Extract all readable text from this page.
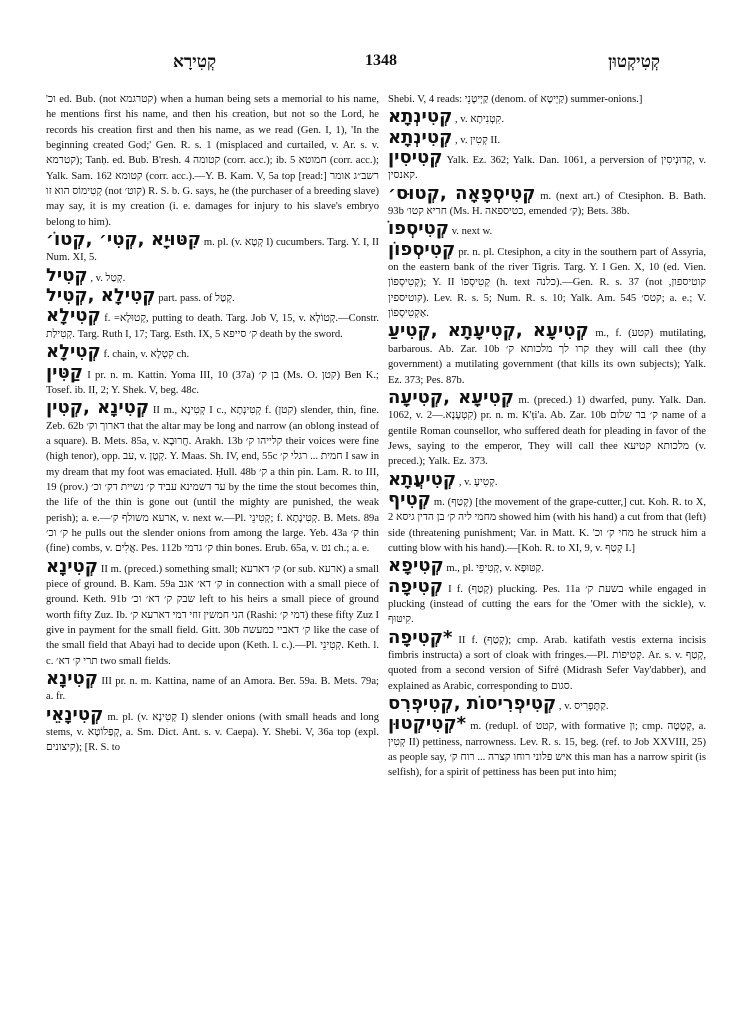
קְטִירָא	1348	קְטִיקְטוּן

'וכ ed. Bub. (not קטרגמא) when a human being sets a memorial to his name, he mentions first his name, and then his creation, but not so the Lord, he records his creation first and then his name, as we read (Gen. I, 1), 'In the beginning created God;' Gen. R. s. 1 (misplaced and curtailed, v. Ar. s. v. קטרמא); Tanḥ. ed. Bub. B'resh. 4 קטומה (corr. acc.); ib. 5 חמוטא (corr. acc.); Yalk. Sam. 162 קטומא (corr. acc.).—Y. B. Kam. V, 5a top [read:] רשב״ג אומר קְטִימוֹס הוא זו (not קוט׳) R. S. b. G. says, he (the purchaser of a breeding slave) may say, it is my creation (i. e. damages for injury to his slave's embryo belong to him).

קִטּוּיָא ,קְטִי׳ ,קְטוֹ׳ m. pl. (v. קְטָא I) cucumbers. Targ. Y. I, II Num. XI, 5.

קְטִיל , v. קְטַל.

קְטִילָא ,קְטִיל part. pass. of קְטַל.

קְטִילָא f. =קְטוּלָא, putting to death. Targ. Job V, 15, v. קְטוֹלָא.—Constr. קְטִילַת. Targ. Ruth I, 17; Targ. Esth. IX, 5 ק׳ סייפא death by the sword.

קְטִילָא f. chain, v. קִטְלָא ch.

קַטִּין I pr. n. m. Kattin. Yoma III, 10 (37a) בן ק׳ (Ms. O. קטן) Ben K.; Tosef. ib. II, 2; Y. Shek. V, beg. 48c.

קְטִינָא ,קְטִין II m., קְטִינָא I c., קְטִינְתָא f. (קטן) slender, thin, fine. Zeb. 62b דארוך וק׳ that the altar may be long and narrow (an oblong instead of a square). B. Mets. 85a, v. חֲרוּבָא. Arakh. 13b קלייהו ק׳ their voices were fine (high tenor), opp. עב, v. קְטָן. Y. Maas. Sh. IV, end, 55c חמית ... רגלי ק׳ I saw in my dream that my foot was emaciated. Ḥull. 48b ק׳ a thin pin. Lam. R. to III, 19 (prov.) עד דשמינא עביד ק׳ נשיית דק׳ וכ׳ by the time the stout becomes thin, the life of the thin is gone out (until the mighty are punished, the weak perish); a. e.—ארעא משולף ק׳, v. next w.—Pl. קְטִינֵי; f. קְטִינָתָא. B. Mets. 89a ק׳ וכ׳ he pulls out the slender onions from among the large. Yeb. 43a ק׳ thin (fine) combs, v. אֲלִים. Pes. 112b ק׳ גרמי thin bones. Erub. 65a, v. נט ch.; a. e.

קְטִינָא II m. (preced.) something small; ק׳ דארעא (or sub. ארעא) a small piece of ground. B. Kam. 59a ק׳ דא׳ אגב in connection with a small piece of ground. Keth. 91b שבק ק׳ דא׳ וכ׳ left to his heirs a small piece of ground worth fifty Zuz. Ib. הני חמשין זוזי דמי דארעא ק׳ (Rashi: דמי ק׳) these fifty Zuz I give in payment for the small field. Gitt. 30b ק׳ דאביי כמעשה like the case of the small field that Abayi had to decide upon (Keth. l. c.).—Pl. קְטִינֵי. Keth. l. c. תרי ק׳ דא׳ two small fields.

קְטִינָא III pr. n. m. Kattina, name of an Amora. Ber. 59a. B. Mets. 79a; a. fr.

קְטִינָאֵי m. pl. (v. קְטִינָא I) slender onions (with small heads and long stems, v. קְפַלוֹטָא, a. Sm. Dict. Ant. s. v. Caepa). Y. Shebi. V, 36a top (expl. קיצונים); [R. S. to

Shebi. V, 4 reads: קַיְיטָנֵי (denom. of קַיְיטָא) summer-onions.]

קְטִינְתָא , v. קִטְנִיתָא.

קְטִינְתָא , v. קְטִין II.

קְטִיסִין Yalk. Ez. 362; Yalk. Dan. 1061, a perversion of קְדוּנְיסִין, v. קאנסין.

קְטִיסְפָאָה ,קְטוּס׳ m. (next art.) of Ctesiphon. B. Bath. 93b חריא קטו׳ (Ms. H. כטיספאה, emended ק׳); Bets. 38b.

קְטִיסְפוֹ v. next w.

קְטִיסְפוֹן pr. n. pl. Ctesiphon, a city in the southern part of Assyria, on the eastern bank of the river Tigris. Targ. Y. I Gen. X, 10 (ed. Vien. קְטִיסְפוֹן); Y. II קְטִיסְפוֹ (h. text כלנה).—Gen. R. s. 37 (not קוטיספון, קוטיספין). Lev. R. s. 5; Num. R. s. 10; Yalk. Am. 545 קטס׳; a. e.; V. אַקְטִיסְפוֹן.

קְטִיעָא ,קְטִיעָתָא ,קְטִיעַ m., f. (קטע) mutilating, barbarous. Ab. Zar. 10b קרו לך מלכותא ק׳ they will call thee (thy government) a mutilating government (that kills its own subjects); Yalk. Ez. 373; Pes. 87b.

קְטִיעָא ,קְטִיעָה m. (preced.) 1) dwarfed, puny. Yalk. Dan. 1062, v. קִטְעָנָא.—2) pr. n. m. K'ṭi'a. Ab. Zar. 10b ק׳ בר שלום name of a gentile Roman counsellor, who suffered death for pleading in favor of the Jews, saying to the emperor, They will call thee מלכותא קטיעא (v. preced.); Yalk. Ez. 373.

קְטִיעֲתָא , v. קְטִיעָ.

קְטִיף m. (קְטַף) [the movement of the grape-cutter,] cut. Koh. R. to X, 2 מחמי ליה ק׳ בן הדין גיסא showed him (with his hand) a cut from that (left) side (threatening punishment; Var. in Matt. K. 'מחי ק׳ וכ he struck him a cutting blow with his hand).—[Koh. R. to XI, 9, v. קְטַף I.]

קְטִיפָא m., pl. קְטִיפֵי, v. קַטּוּפָא.

קְטִיפָה I f. (קְטַף) plucking. Pes. 11a בשעת ק׳ while engaged in plucking (instead of cutting the ears for the 'Omer with the sickle), v. קִיטּוּף.

*קְטִיפָה II f. (קְטַף); cmp. Arab. katifath vestis externa incisis fimbris instructa) a sort of cloak with fringes.—Pl. קְטִיפוֹת. Ar. s. v. קְטַף, quoted from a second version of Sifré (Midrash Sefer Vay'dabber), and explained as Arabic, corresponding to סגום.

קְטִיפְרִיסוֹת ,קְטִיפְרִס , v. קַתֶּפְרִיס.

*קְטִיקְטוּן m. (redupl. of קטט, with formative ון; cmp. קְטָטָה, a. קְטִין II) pettiness, narrowness. Lev. R. s. 15, beg. (ref. to Job XXVIII, 25) as people say, איש פלוני רוחו קצרה ... רוח ק׳ this man has a narrow spirit (is selfish), for a spirit of pettiness has been put into him;
